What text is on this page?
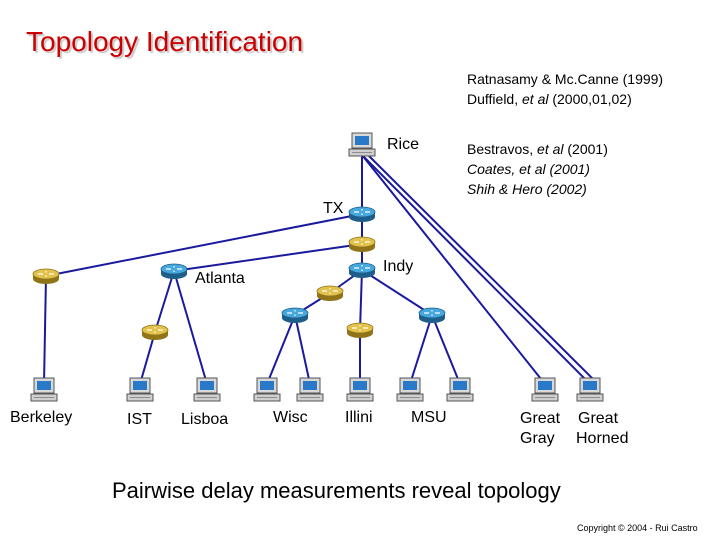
Topology Identification
Ratnasamy & Mc.Canne (1999)
Duffield, et al (2000,01,02)
Bestravos, et al (2001)
Coates, et al (2001)
Shih & Hero (2002)
Rice
TX
Indy
Atlanta
Berkeley	IST Lisboa	Wisc Illini MSU	Great
Gray
Great
Horned
Pairwise delay measurements reveal topology
Copyright © 2004 - Rui Castro
